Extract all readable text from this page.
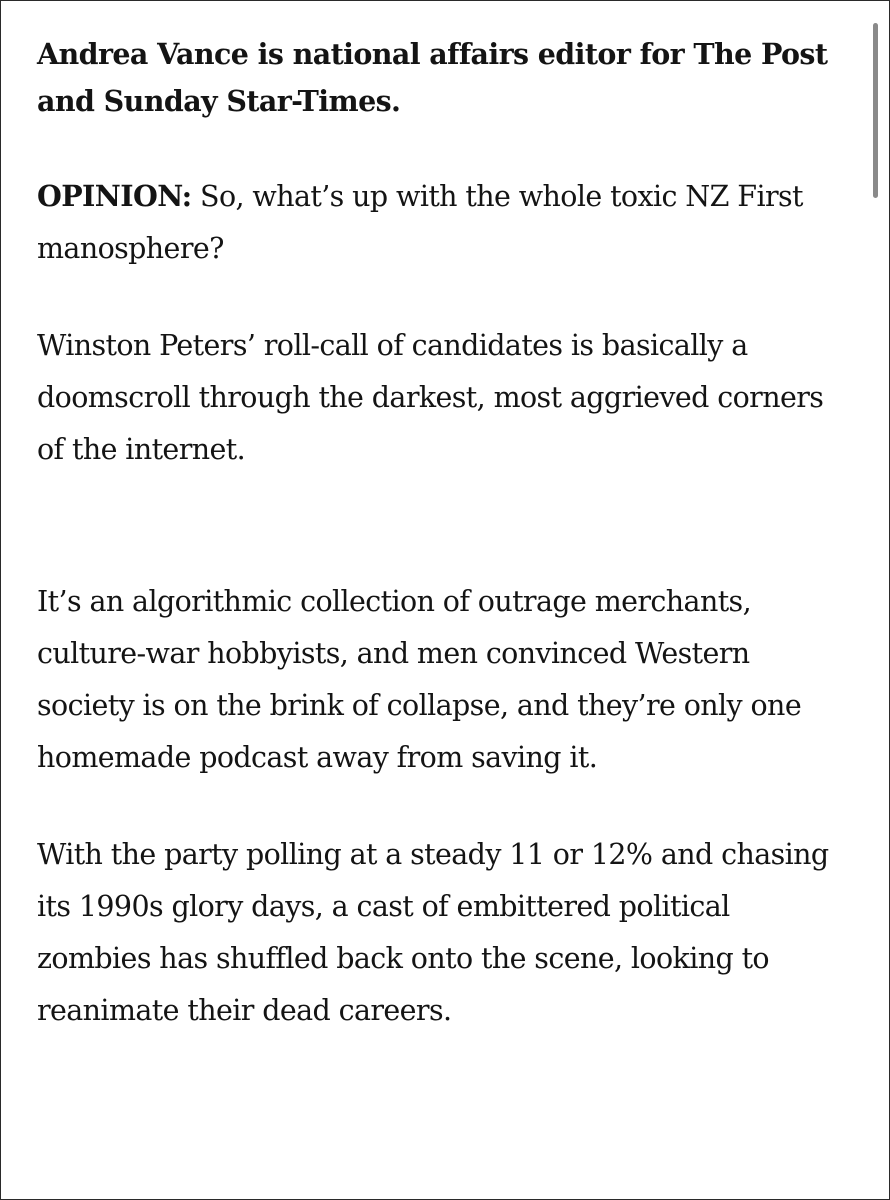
Andrea Vance is national affairs editor for The Post and Sunday Star-Times.

OPINION: So, what’s up with the whole toxic NZ First manosphere?

Winston Peters’ roll-call of candidates is basically a doomscroll through the darkest, most aggrieved corners of the internet.

It’s an algorithmic collection of outrage merchants, culture-war hobbyists, and men convinced Western society is on the brink of collapse, and they’re only one homemade podcast away from saving it.

With the party polling at a steady 11 or 12% and chasing its 1990s glory days, a cast of embittered political zombies has shuffled back onto the scene, looking to reanimate their dead careers.
